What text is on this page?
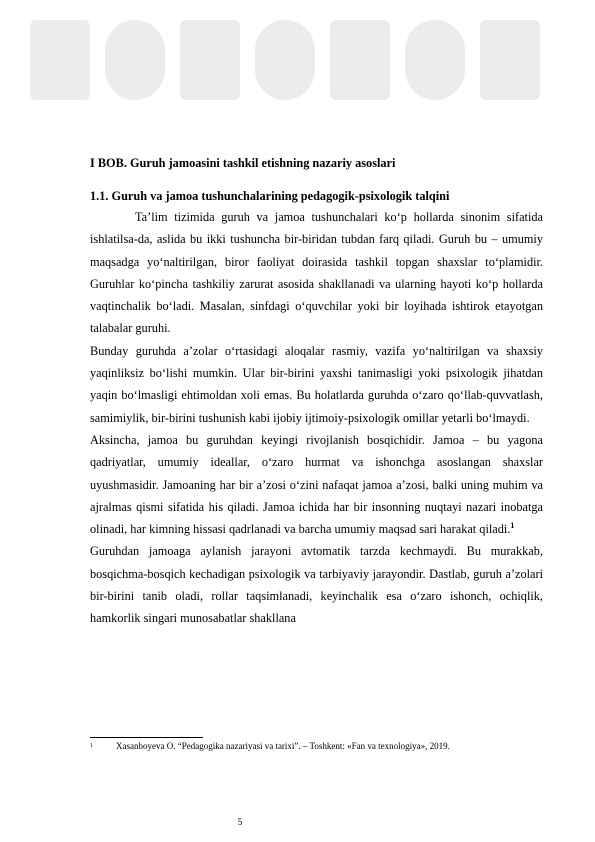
I BOB. Guruh jamoasini tashkil etishning nazariy asoslari
1.1. Guruh va jamoa tushunchalarining pedagogik-psixologik talqini

Ta’lim tizimida guruh va jamoa tushunchalari ko‘p hollarda sinonim sifatida ishlatilsa-da, aslida bu ikki tushuncha bir-biridan tubdan farq qiladi. Guruh bu – umumiy maqsadga yo‘naltirilgan, biror faoliyat doirasida tashkil topgan shaxslar to‘plamidir. Guruhlar ko‘pincha tashkiliy zarurat asosida shakllanadi va ularning hayoti ko‘p hollarda vaqtinchalik bo‘ladi. Masalan, sinfdagi o‘quvchilar yoki bir loyihada ishtirok etayotgan talabalar guruhi.

Bunday guruhda a’zolar o‘rtasidagi aloqalar rasmiy, vazifa yo‘naltirilgan va shaxsiy yaqinliksiz bo‘lishi mumkin. Ular bir-birini yaxshi tanimasligi yoki psixologik jihatdan yaqin bo‘lmasligi ehtimoldan xoli emas. Bu holatlarda guruhda o‘zaro qo‘llab-quvvatlash, samimiylik, bir-birini tushunish kabi ijobiy ijtimoiy-psixologik omillar yetarli bo‘lmaydi.

Aksincha, jamoa bu guruhdan keyingi rivojlanish bosqichidir. Jamoa – bu yagona qadriyatlar, umumiy ideallar, o‘zaro hurmat va ishonchga asoslangan shaxslar uyushmasidir. Jamoaning har bir a’zosi o‘zini nafaqat jamoa a’zosi, balki uning muhim va ajralmas qismi sifatida his qiladi. Jamoa ichida har bir insonning nuqtayi nazari inobatga olinadi, har kimning hissasi qadrlanadi va barcha umumiy maqsad sari harakat qiladi.$^1$

Guruhdan jamoaga aylanish jarayoni avtomatik tarzda kechmaydi. Bu murakkab, bosqichma-bosqich kechadigan psixologik va tarbiyaviy jarayondir. Dastlab, guruh a’zolari bir-birini tanib oladi, rollar taqsimlanadi, keyinchalik esa o‘zaro ishonch, ochiqlik, hamkorlik singari munosabatlar shakllana

1	Xasanboyeva O. “Pedagogika nazariyasi va tarixi”. – Toshkent: «Fan va texnologiya», 2019.
5
